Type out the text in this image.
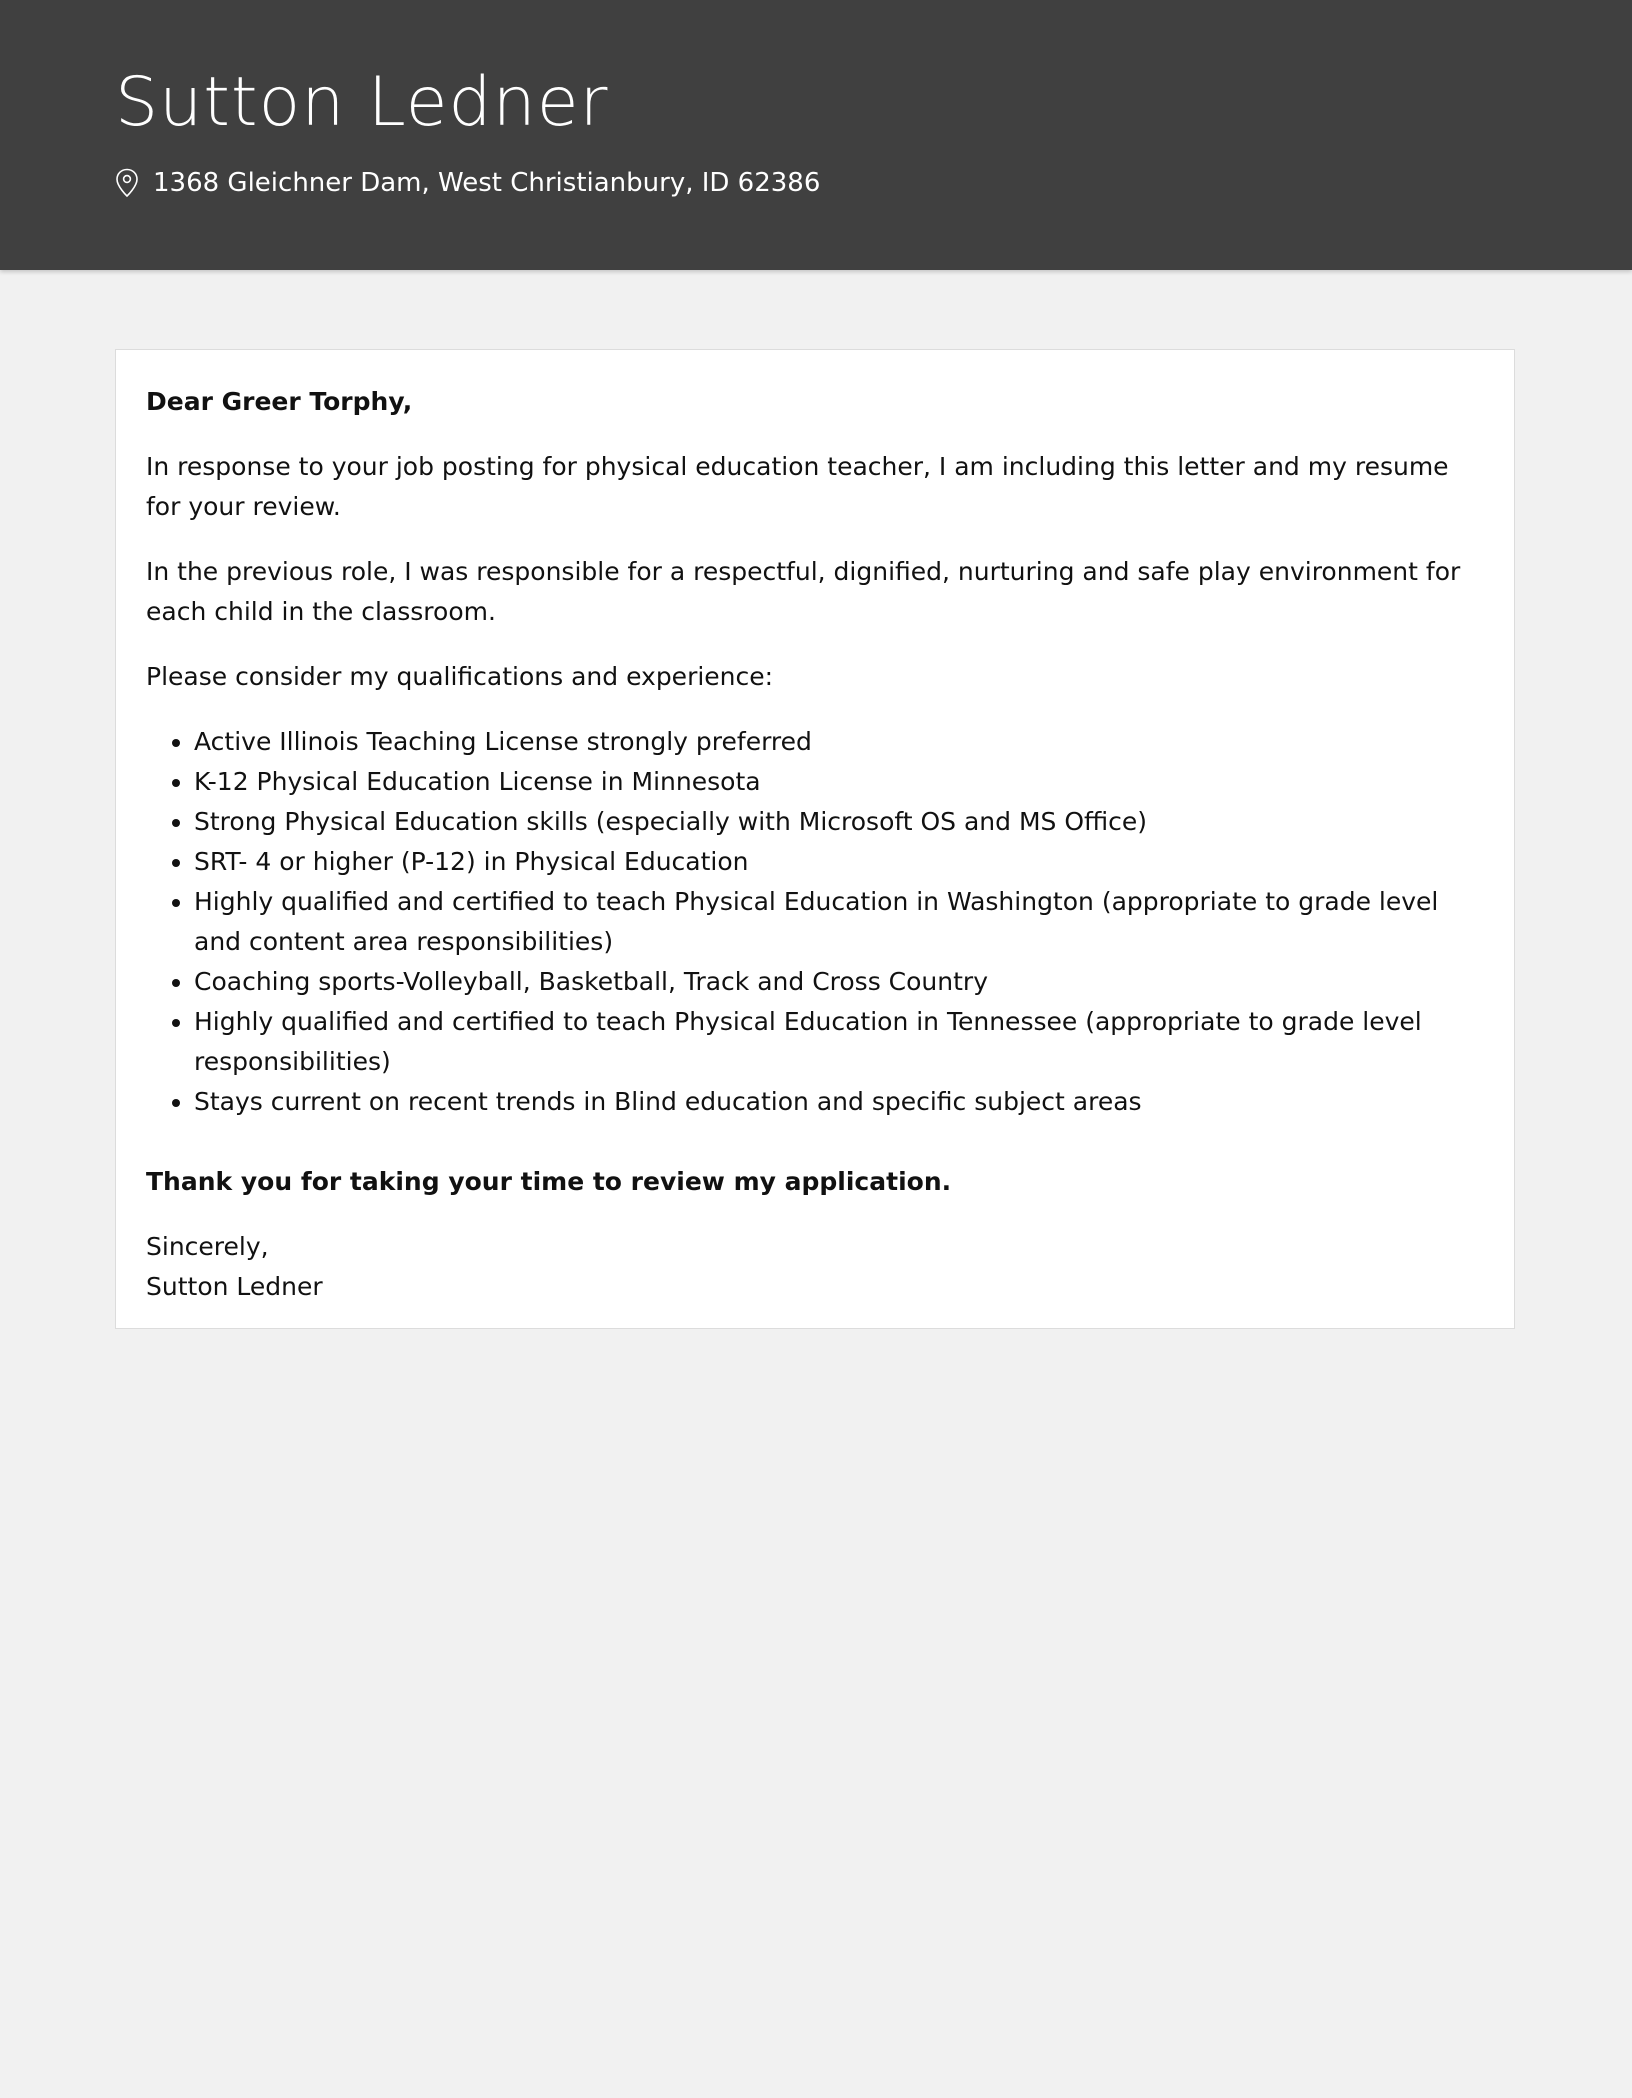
Sutton Ledner
1368 Gleichner Dam, West Christianbury, ID 62386

Dear Greer Torphy,

In response to your job posting for physical education teacher, I am including this letter and my resume for your review.

In the previous role, I was responsible for a respectful, dignified, nurturing and safe play environment for each child in the classroom.

Please consider my qualifications and experience:

• Active Illinois Teaching License strongly preferred
• K-12 Physical Education License in Minnesota
• Strong Physical Education skills (especially with Microsoft OS and MS Office)
• SRT- 4 or higher (P-12) in Physical Education
• Highly qualified and certified to teach Physical Education in Washington (appropriate to grade level and content area responsibilities)
• Coaching sports-Volleyball, Basketball, Track and Cross Country
• Highly qualified and certified to teach Physical Education in Tennessee (appropriate to grade level responsibilities)
• Stays current on recent trends in Blind education and specific subject areas

Thank you for taking your time to review my application.

Sincerely,
Sutton Ledner
